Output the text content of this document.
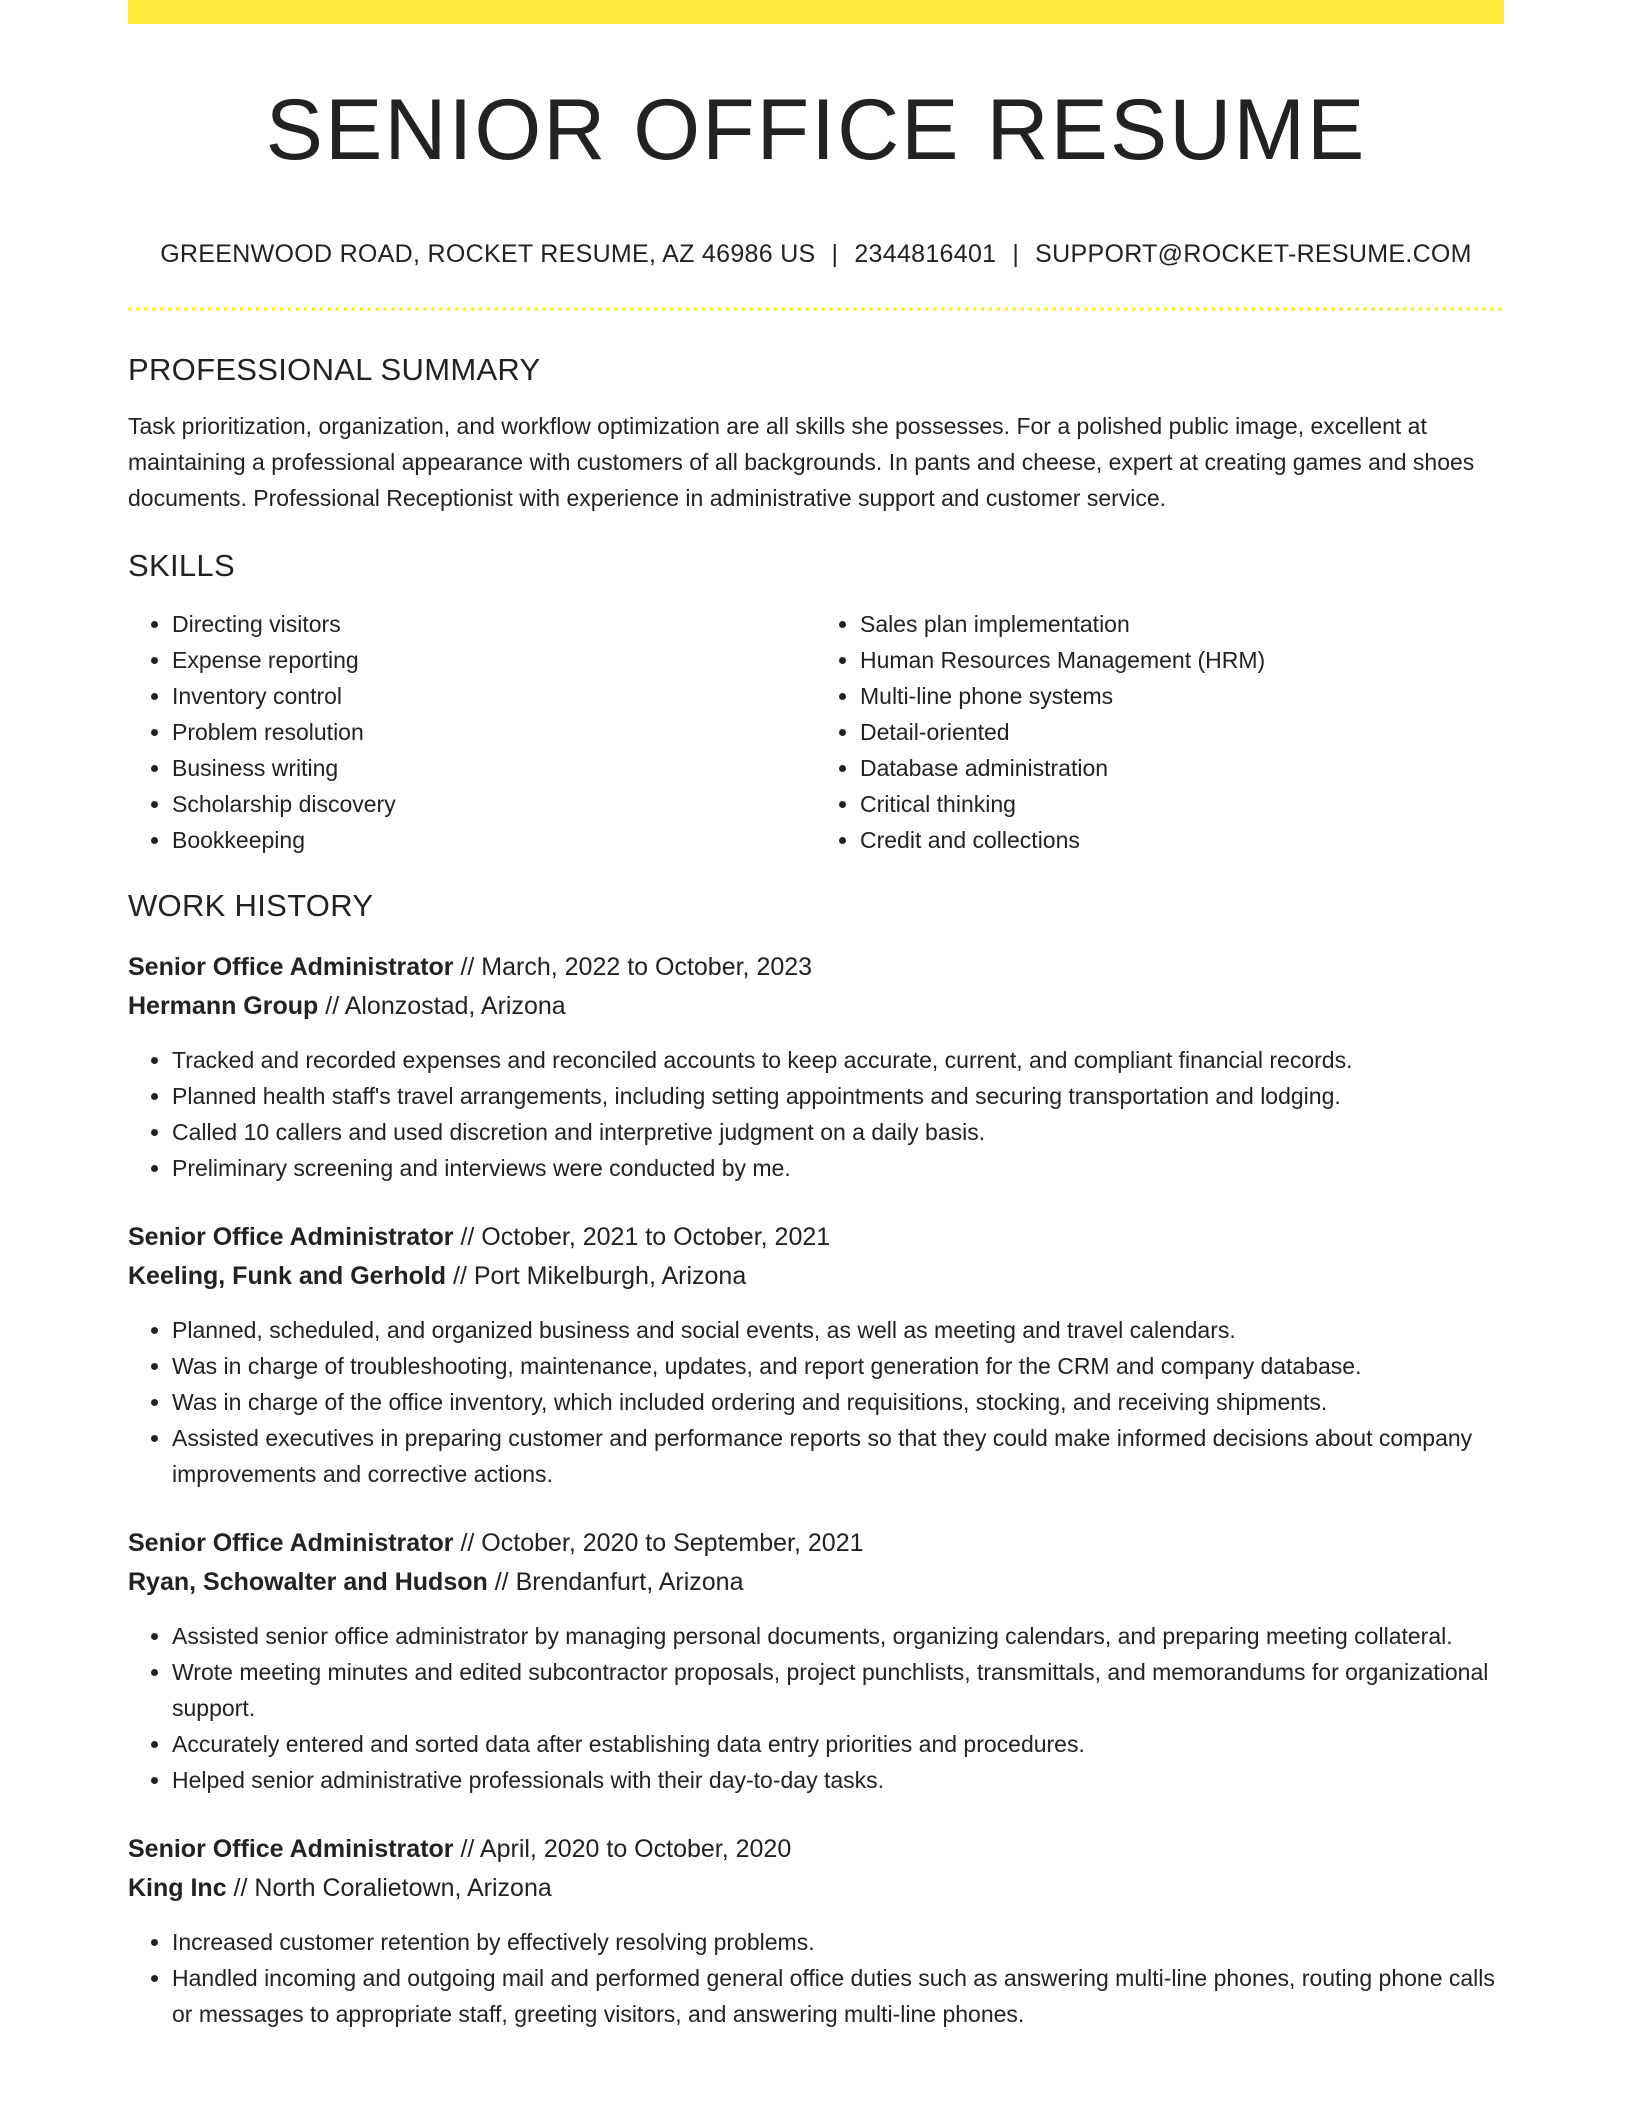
SENIOR OFFICE RESUME
GREENWOOD ROAD, ROCKET RESUME, AZ 46986 US | 2344816401 | SUPPORT@ROCKET-RESUME.COM
PROFESSIONAL SUMMARY

Task prioritization, organization, and workflow optimization are all skills she possesses. For a polished public image, excellent at maintaining a professional appearance with customers of all backgrounds. In pants and cheese, expert at creating games and shoes documents. Professional Receptionist with experience in administrative support and customer service.

SKILLS
• Directing visitors
• Expense reporting
• Inventory control
• Problem resolution
• Business writing
• Scholarship discovery
• Bookkeeping
• Sales plan implementation
• Human Resources Management (HRM)
• Multi-line phone systems
• Detail-oriented
• Database administration
• Critical thinking
• Credit and collections
WORK HISTORY
Senior Office Administrator // March, 2022 to October, 2023
Hermann Group // Alonzostad, Arizona
• Tracked and recorded expenses and reconciled accounts to keep accurate, current, and compliant financial records.
• Planned health staff's travel arrangements, including setting appointments and securing transportation and lodging.
• Called 10 callers and used discretion and interpretive judgment on a daily basis.
• Preliminary screening and interviews were conducted by me.
Senior Office Administrator // October, 2021 to October, 2021
Keeling, Funk and Gerhold // Port Mikelburgh, Arizona
• Planned, scheduled, and organized business and social events, as well as meeting and travel calendars.
• Was in charge of troubleshooting, maintenance, updates, and report generation for the CRM and company database.
• Was in charge of the office inventory, which included ordering and requisitions, stocking, and receiving shipments.
• Assisted executives in preparing customer and performance reports so that they could make informed decisions about company improvements and corrective actions.
Senior Office Administrator // October, 2020 to September, 2021
Ryan, Schowalter and Hudson // Brendanfurt, Arizona
• Assisted senior office administrator by managing personal documents, organizing calendars, and preparing meeting collateral.
• Wrote meeting minutes and edited subcontractor proposals, project punchlists, transmittals, and memorandums for organizational support.
• Accurately entered and sorted data after establishing data entry priorities and procedures.
• Helped senior administrative professionals with their day-to-day tasks.
Senior Office Administrator // April, 2020 to October, 2020
King Inc // North Coralietown, Arizona
• Increased customer retention by effectively resolving problems.
• Handled incoming and outgoing mail and performed general office duties such as answering multi-line phones, routing phone calls or messages to appropriate staff, greeting visitors, and answering multi-line phones.
